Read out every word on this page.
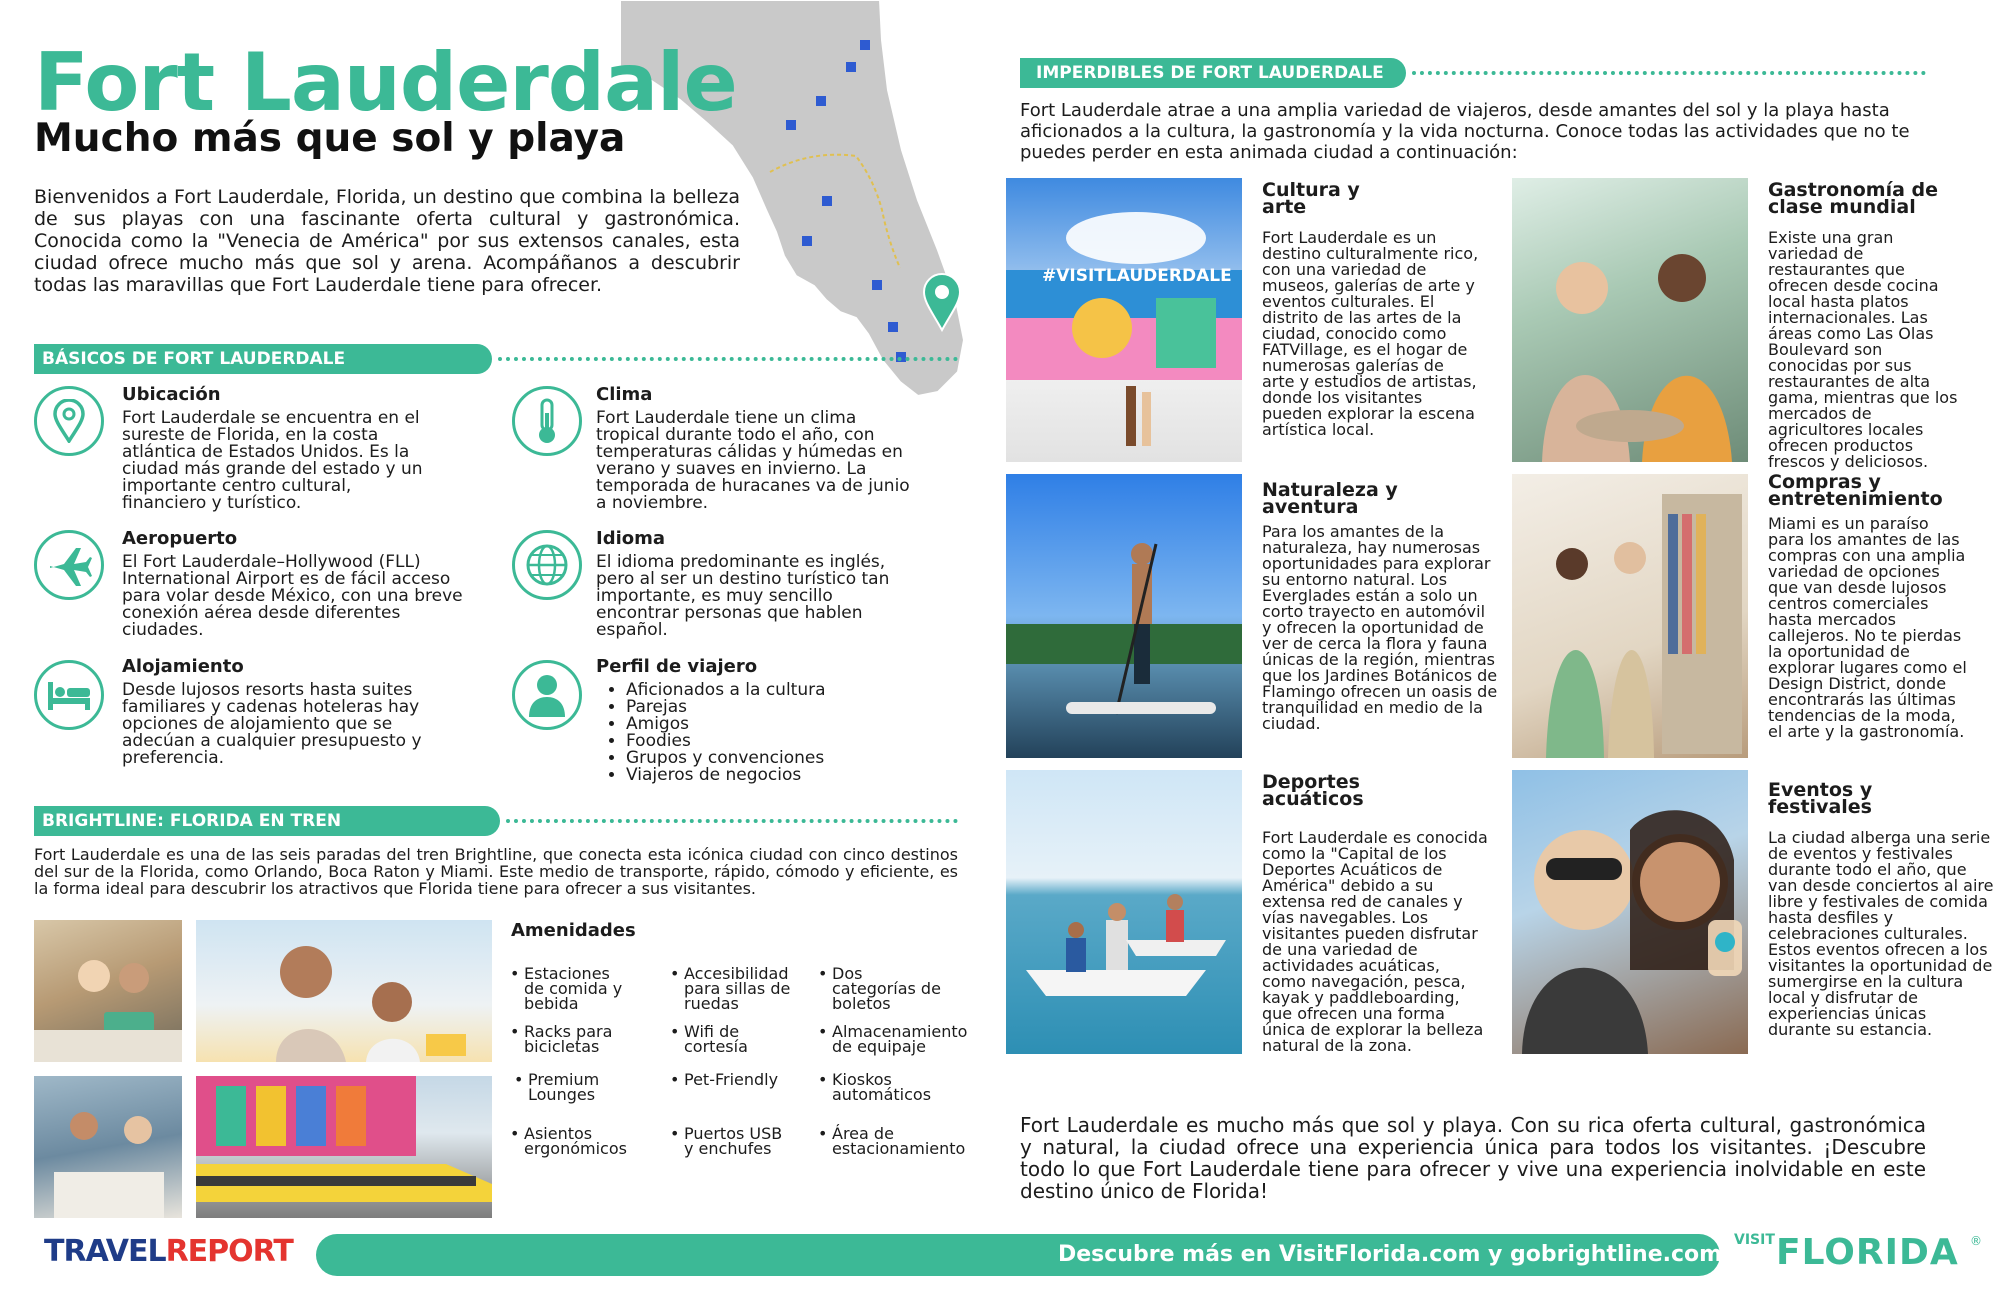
Fort Lauderdale
Mucho más que sol y playa
Bienvenidos a Fort Lauderdale, Florida, un destino que combina la belleza de sus playas con una fascinante oferta cultural y gastronómica. Conocida como la "Venecia de América" por sus extensos canales, esta ciudad ofrece mucho más que sol y arena. Acompáñanos a descubrir todas las maravillas que Fort Lauderdale tiene para ofrecer.
BÁSICOS DE FORT LAUDERDALE
Ubicación
Fort Lauderdale se encuentra en el sureste de Florida, en la costa atlántica de Estados Unidos. Es la ciudad más grande del estado y un importante centro cultural, financiero y turístico.
Clima
Fort Lauderdale tiene un clima tropical durante todo el año, con temperaturas cálidas y húmedas en verano y suaves en invierno. La temporada de huracanes va de junio a noviembre.
Aeropuerto
El Fort Lauderdale–Hollywood (FLL) International Airport es de fácil acceso para volar desde México, con una breve conexión aérea desde diferentes ciudades.
Idioma
El idioma predominante es inglés, pero al ser un destino turístico tan importante, es muy sencillo encontrar personas que hablen español.
Alojamiento
Desde lujosos resorts hasta suites familiares y cadenas hoteleras hay opciones de alojamiento que se adecúan a cualquier presupuesto y preferencia.
Perfil de viajero
• Aficionados a la cultura
• Parejas
• Amigos
• Foodies
• Grupos y convenciones
• Viajeros de negocios
BRIGHTLINE: FLORIDA EN TREN
Fort Lauderdale es una de las seis paradas del tren Brightline, que conecta esta icónica ciudad con cinco destinos del sur de la Florida, como Orlando, Boca Raton y Miami. Este medio de transporte, rápido, cómodo y eficiente, es la forma ideal para descubrir los atractivos que Florida tiene para ofrecer a sus visitantes.
Amenidades
• Estaciones de comida y bebida
• Accesibilidad para sillas de ruedas
• Dos categorías de boletos
• Racks para bicicletas
• Wifi de cortesía
• Almacenamiento de equipaje
• Premium Lounges
• Pet-Friendly	• Kioskos automáticos
• Asientos ergonómicos
• Puertos USB y enchufes
• Área de estacionamiento
IMPERDIBLES DE FORT LAUDERDALE
Fort Lauderdale atrae a una amplia variedad de viajeros, desde amantes del sol y la playa hasta aficionados a la cultura, la gastronomía y la vida nocturna. Conoce todas las actividades que no te puedes perder en esta animada ciudad a continuación:
#VISITLAUDERDALE
Cultura y arte
Fort Lauderdale es un destino culturalmente rico, con una variedad de museos, galerías de arte y eventos culturales. El distrito de las artes de la ciudad, conocido como FATVillage, es el hogar de numerosas galerías de arte y estudios de artistas, donde los visitantes pueden explorar la escena artística local.
Gastronomía de clase mundial
Existe una gran variedad de restaurantes que ofrecen desde cocina local hasta platos internacionales. Las áreas como Las Olas Boulevard son conocidas por sus restaurantes de alta gama, mientras que los mercados de agricultores locales ofrecen productos frescos y deliciosos.
Naturaleza y aventura
Para los amantes de la naturaleza, hay numerosas oportunidades para explorar su entorno natural. Los Everglades están a solo un corto trayecto en automóvil y ofrecen la oportunidad de ver de cerca la flora y fauna únicas de la región, mientras que los Jardines Botánicos de Flamingo ofrecen un oasis de tranquilidad en medio de la ciudad.
Compras y entretenimiento
Miami es un paraíso para los amantes de las compras con una amplia variedad de opciones que van desde lujosos centros comerciales hasta mercados callejeros. No te pierdas la oportunidad de explorar lugares como el Design District, donde encontrarás las últimas tendencias de la moda, el arte y la gastronomía.
Deportes acuáticos
Fort Lauderdale es conocida como la "Capital de los Deportes Acuáticos de América" debido a su extensa red de canales y vías navegables. Los visitantes pueden disfrutar de una variedad de actividades acuáticas, como navegación, pesca, kayak y paddleboarding, que ofrecen una forma única de explorar la belleza natural de la zona.
Eventos y festivales
La ciudad alberga una serie de eventos y festivales durante todo el año, que van desde conciertos al aire libre y festivales de comida hasta desfiles y celebraciones culturales. Estos eventos ofrecen a los visitantes la oportunidad de sumergirse en la cultura local y disfrutar de experiencias únicas durante su estancia.
Fort Lauderdale es mucho más que sol y playa. Con su rica oferta cultural, gastronómica y natural, la ciudad ofrece una experiencia única para todos los visitantes. ¡Descubre todo lo que Fort Lauderdale tiene para ofrecer y vive una experiencia inolvidable en este destino único de Florida!
TRAVELREPORT	Descubre más en VisitFlorida.com y gobrightline.com
VISIT FLORIDA ®
